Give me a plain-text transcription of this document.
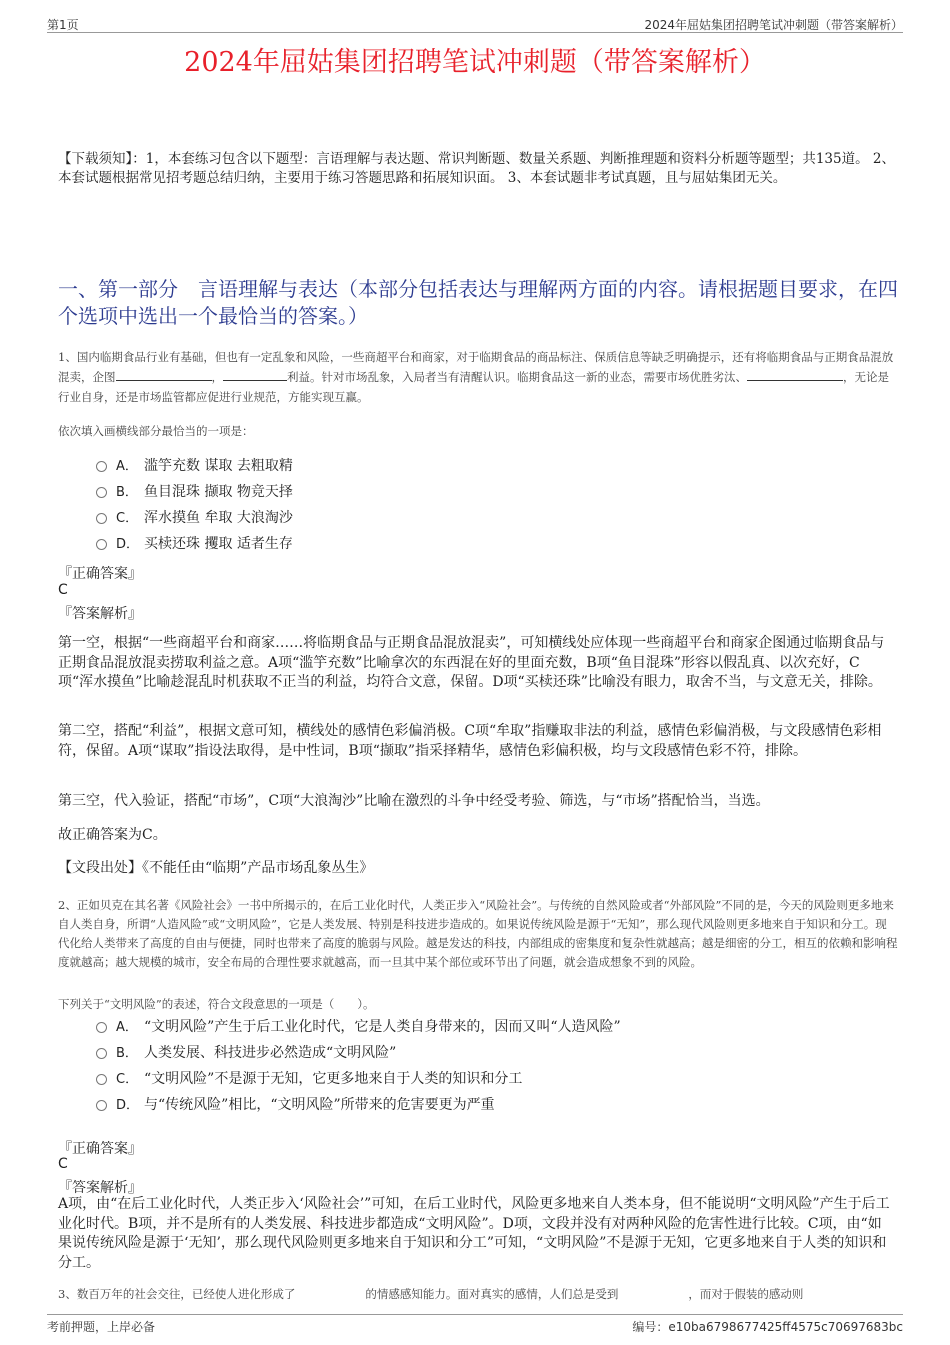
第1页	2024年屈姑集团招聘笔试冲刺题（带答案解析）
2024年屈姑集团招聘笔试冲刺题（带答案解析）
【下载须知】：1，本套练习包含以下题型：言语理解与表达题、常识判断题、数量关系题、判断推理题和资料分析题等题型；共135道。 2、本套试题根据常见招考题总结归纳，主要用于练习答题思路和拓展知识面。 3、本套试题非考试真题，且与屈姑集团无关。
一、第一部分　言语理解与表达（本部分包括表达与理解两方面的内容。请根据题目要求，在四个选项中选出一个最恰当的答案。）
1、国内临期食品行业有基础，但也有一定乱象和风险，一些商超平台和商家，对于临期食品的商品标注、保质信息等缺乏明确提示，还有将临期食品与正期食品混放混卖，企图	，	利益。针对市场乱象，入局者当有清醒认识。临期食品这一新的业态，需要市场优胜劣汰、	，无论是行业自身，还是市场监管都应促进行业规范，方能实现互赢。
依次填入画横线部分最恰当的一项是：
A． 滥竽充数 谋取 去粗取精
B． 鱼目混珠 撷取 物竞天择
C． 浑水摸鱼 牟取 大浪淘沙
D． 买椟还珠 攫取 适者生存
『正确答案』
C
『答案解析』
第一空，根据“一些商超平台和商家……将临期食品与正期食品混放混卖”，可知横线处应体现一些商超平台和商家企图通过临期食品与正期食品混放混卖捞取利益之意。A项“滥竽充数”比喻拿次的东西混在好的里面充数，B项“鱼目混珠”形容以假乱真、以次充好，C项“浑水摸鱼”比喻趁混乱时机获取不正当的利益，均符合文意，保留。D项“买椟还珠”比喻没有眼力，取舍不当，与文意无关，排除。
第二空，搭配“利益”，根据文意可知，横线处的感情色彩偏消极。C项“牟取”指赚取非法的利益，感情色彩偏消极，与文段感情色彩相符，保留。A项“谋取”指设法取得，是中性词，B项“撷取”指采择精华，感情色彩偏积极，均与文段感情色彩不符，排除。
第三空，代入验证，搭配“市场”，C项“大浪淘沙”比喻在激烈的斗争中经受考验、筛选，与“市场”搭配恰当，当选。
故正确答案为C。
【文段出处】《不能任由“临期”产品市场乱象丛生》
2、正如贝克在其名著《风险社会》一书中所揭示的，在后工业化时代，人类正步入“风险社会”。与传统的自然风险或者“外部风险”不同的是，今天的风险则更多地来自人类自身，所谓“人造风险”或“文明风险”，它是人类发展、特别是科技进步造成的。如果说传统风险是源于“无知”，那么现代风险则更多地来自于知识和分工。现代化给人类带来了高度的自由与便捷，同时也带来了高度的脆弱与风险。越是发达的科技，内部组成的密集度和复杂性就越高；越是细密的分工，相互的依赖和影响程度就越高；越大规模的城市，安全布局的合理性要求就越高，而一旦其中某个部位或环节出了问题，就会造成想象不到的风险。
下列关于“文明风险”的表述，符合文段意思的一项是（　　）。
A． “文明风险”产生于后工业化时代，它是人类自身带来的，因而又叫“人造风险”
B． 人类发展、科技进步必然造成“文明风险”
C． “文明风险”不是源于无知，它更多地来自于人类的知识和分工
D． 与“传统风险”相比，“文明风险”所带来的危害要更为严重
『正确答案』
C
『答案解析』
A项，由“在后工业化时代，人类正步入‘风险社会’”可知，在后工业时代，风险更多地来自人类本身，但不能说明“文明风险”产生于后工业化时代。B项，并不是所有的人类发展、科技进步都造成“文明风险”。D项，文段并没有对两种风险的危害性进行比较。C项，由“如果说传统风险是源于‘无知’，那么现代风险则更多地来自于知识和分工”可知，“文明风险”不是源于无知，它更多地来自于人类的知识和分工。
3、数百万年的社会交往，已经使人进化形成了	的情感感知能力。面对真实的感情，人们总是受到	，而对于假装的感动则
考前押题，上岸必备	编号：e10ba6798677425ff4575c70697683bc
